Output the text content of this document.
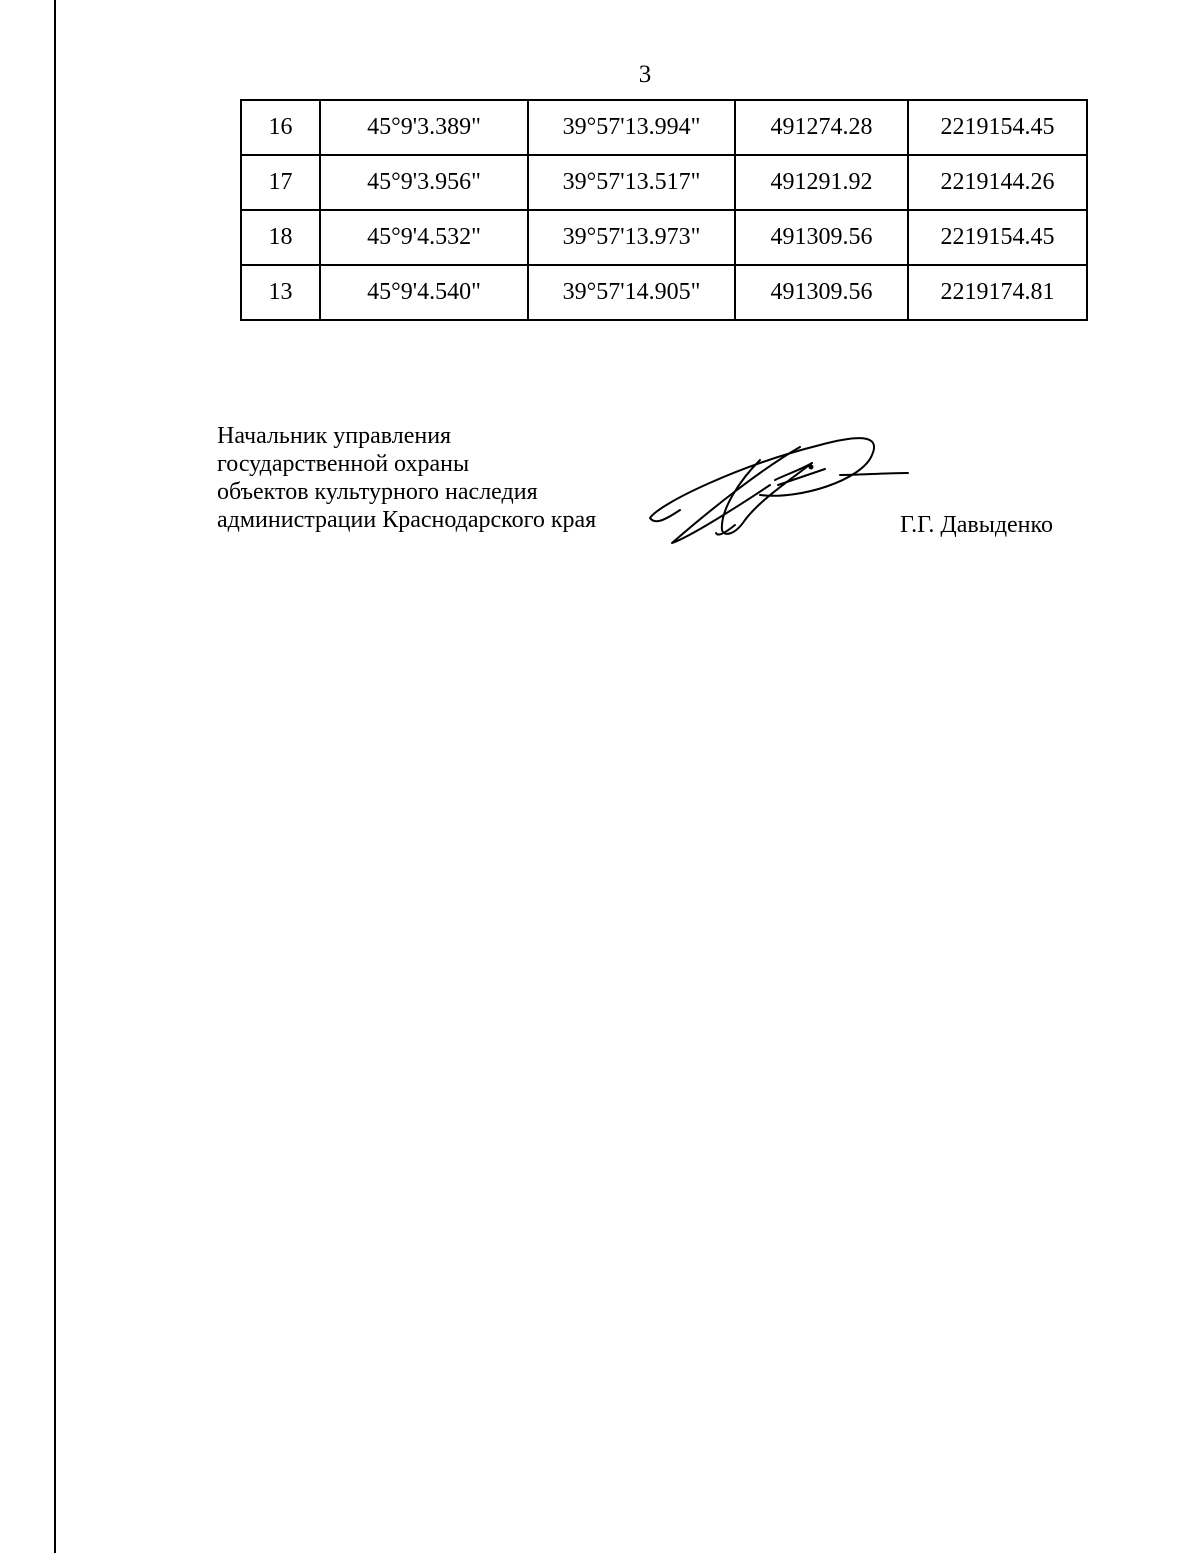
3
16	45°9'3.389"	39°57'13.994"	491274.28	2219154.45
17	45°9'3.956"	39°57'13.517"	491291.92	2219144.26
18	45°9'4.532"	39°57'13.973"	491309.56	2219154.45
13	45°9'4.540"	39°57'14.905"	491309.56	2219174.81
Начальник управления
государственной охраны
объектов культурного наследия
администрации Краснодарского края	Г.Г. Давыденко
